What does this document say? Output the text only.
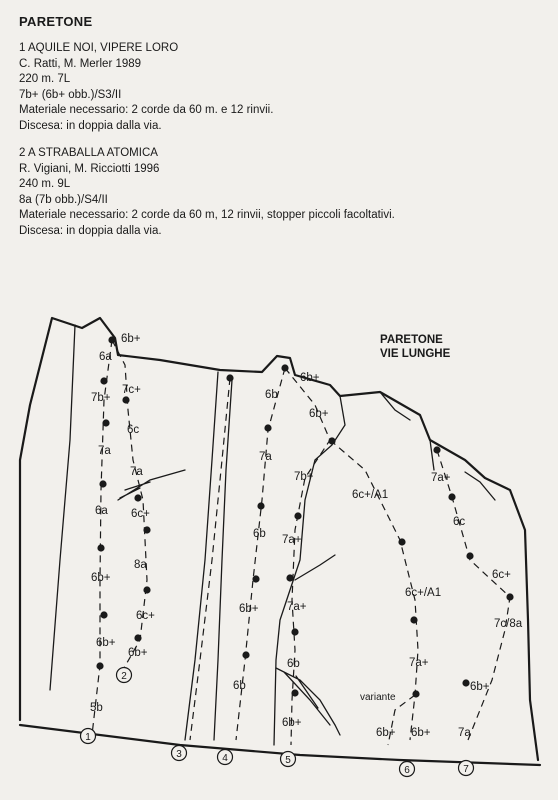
PARETONE
1 AQUILE NOI, VIPERE LORO
C. Ratti, M. Merler 1989
220 m. 7L
7b+ (6b+ obb.)/S3/II
Materiale necessario: 2 corde da 60 m. e 12 rinvii.
Discesa: in doppia dalla via.
2 A STRABALLA ATOMICA
R. Vigiani, M. Ricciotti 1996
240 m. 9L
8a (7b obb.)/S4/II
Materiale necessario: 2 corde da 60 m, 12 rinvii, stopper piccoli facoltativi.
Discesa: in doppia dalla via.
1
2
3	4	5
6	7
PARETONE
VIE LUNGHE
6b+
6a
7b+
7a
6a
6b+
6b+
5b
7c+
6c
7a
6c+
8a
6c+
6b+
6b
7a
6b
6b+
6b
6b+
6b+
7b+
7a+
7a+
6b
6b+
6c+/A1
6c+/A1
7a+
6b+ 6b+
variante
7a+
6c
6c+
7c/8a
6b+
7a
